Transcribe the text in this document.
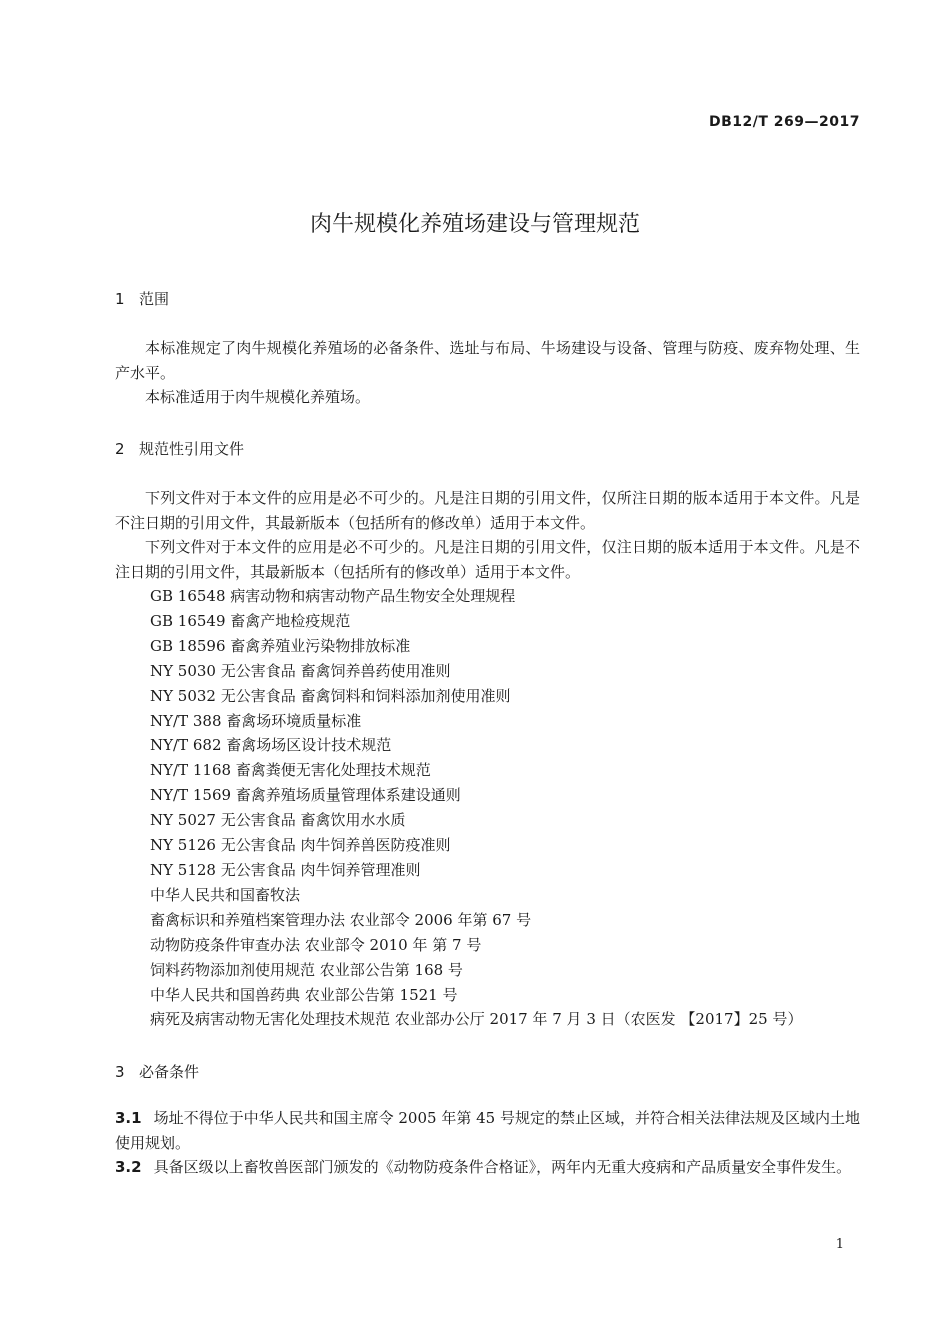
DB12/T 269—2017
肉牛规模化养殖场建设与管理规范
1 范围
本标准规定了肉牛规模化养殖场的必备条件、选址与布局、牛场建设与设备、管理与防疫、废弃物处理、生产水平。
本标准适用于肉牛规模化养殖场。
2 规范性引用文件
下列文件对于本文件的应用是必不可少的。凡是注日期的引用文件，仅所注日期的版本适用于本文件。凡是不注日期的引用文件，其最新版本（包括所有的修改单）适用于本文件。
下列文件对于本文件的应用是必不可少的。凡是注日期的引用文件，仅注日期的版本适用于本文件。凡是不注日期的引用文件，其最新版本（包括所有的修改单）适用于本文件。
GB 16548 病害动物和病害动物产品生物安全处理规程
GB 16549 畜禽产地检疫规范
GB 18596 畜禽养殖业污染物排放标准
NY 5030 无公害食品 畜禽饲养兽药使用准则
NY 5032 无公害食品 畜禽饲料和饲料添加剂使用准则
NY/T 388 畜禽场环境质量标准
NY/T 682 畜禽场场区设计技术规范
NY/T 1168 畜禽粪便无害化处理技术规范
NY/T 1569 畜禽养殖场质量管理体系建设通则
NY 5027 无公害食品 畜禽饮用水水质
NY 5126 无公害食品 肉牛饲养兽医防疫准则
NY 5128 无公害食品 肉牛饲养管理准则
中华人民共和国畜牧法
畜禽标识和养殖档案管理办法 农业部令 2006 年第 67 号
动物防疫条件审查办法 农业部令 2010 年 第 7 号
饲料药物添加剂使用规范 农业部公告第 168 号
中华人民共和国兽药典 农业部公告第 1521 号
病死及病害动物无害化处理技术规范 农业部办公厅 2017 年 7 月 3 日（农医发 【2017】25 号）
3 必备条件
3.1 场址不得位于中华人民共和国主席令 2005 年第 45 号规定的禁止区域，并符合相关法律法规及区域内土地使用规划。
3.2 具备区级以上畜牧兽医部门颁发的《动物防疫条件合格证》，两年内无重大疫病和产品质量安全事件发生。
1
